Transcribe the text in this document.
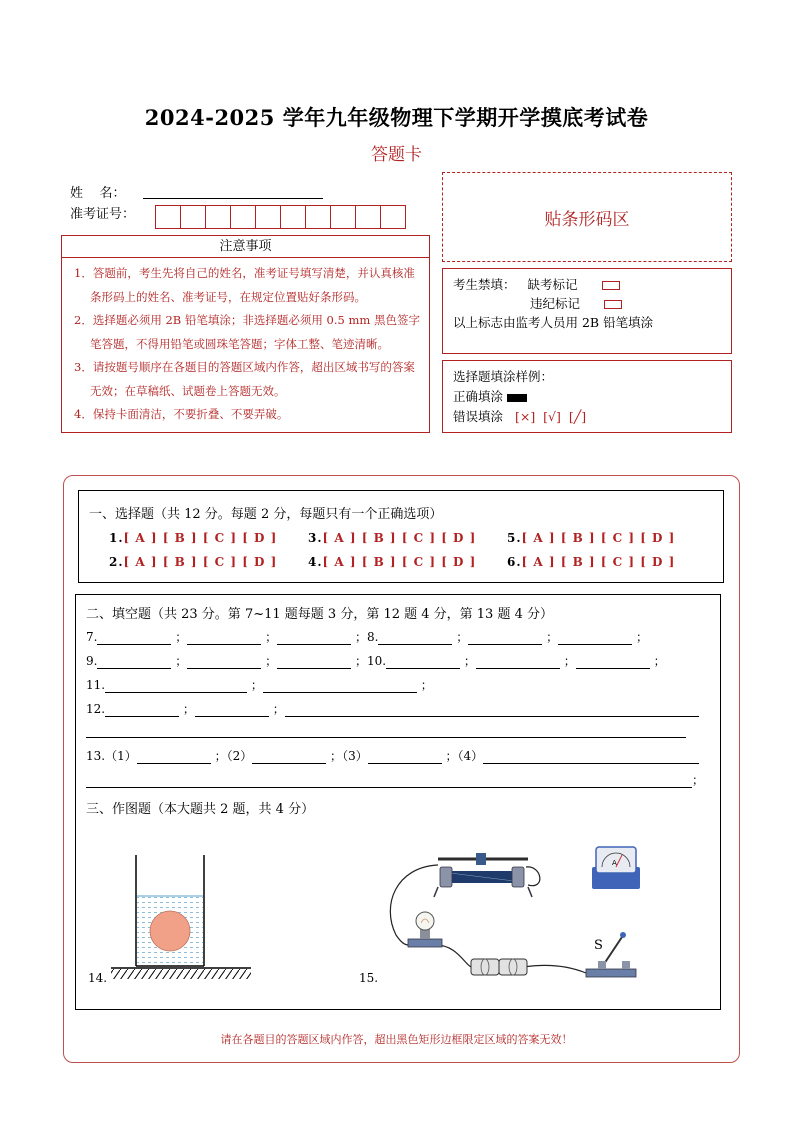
2024-2025 学年九年级物理下学期开学摸底考试卷
答题卡
姓    名：
准考证号：
注意事项

1．答题前，考生先将自己的姓名，准考证号填写清楚，并认真核准条形码上的姓名、准考证号，在规定位置贴好条形码。

2．选择题必须用 2B 铅笔填涂；非选择题必须用 0.5 mm 黑色签字笔答题，不得用铅笔或圆珠笔答题；字体工整、笔迹清晰。

3．请按题号顺序在各题目的答题区域内作答，超出区域书写的答案无效；在草稿纸、试题卷上答题无效。

4．保持卡面清洁，不要折叠、不要弄破。

贴条形码区
考生禁填： 缺考标记
违纪标记
以上标志由监考人员用 2B 铅笔填涂
选择题填涂样例：
正确填涂
错误填涂 [×]  [√]  [╱]
一、选择题（共 12 分。每题 2 分，每题只有一个正确选项）
1.[ A ] [ B ] [ C ] [ D ]
2.[ A ] [ B ] [ C ] [ D ]
3.[ A ] [ B ] [ C ] [ D ]
4.[ A ] [ B ] [ C ] [ D ]
5.[ A ] [ B ] [ C ] [ D ]
6.[ A ] [ B ] [ C ] [ D ]
二、填空题（共 23 分。第 7~11 题每题 3 分，第 12 题 4 分，第 13 题 4 分）
7.	；	；	；8.	；	；	；
9.	；	；	；10.	；	；	；
11.	；	；
12.	；	；
13.（1）	；（2）	；（3）	；（4）
；
三、作图题（本大题共 2 题，共 4 分）
14.	15.
A
S
请在各题目的答题区域内作答，超出黑色矩形边框限定区域的答案无效！
